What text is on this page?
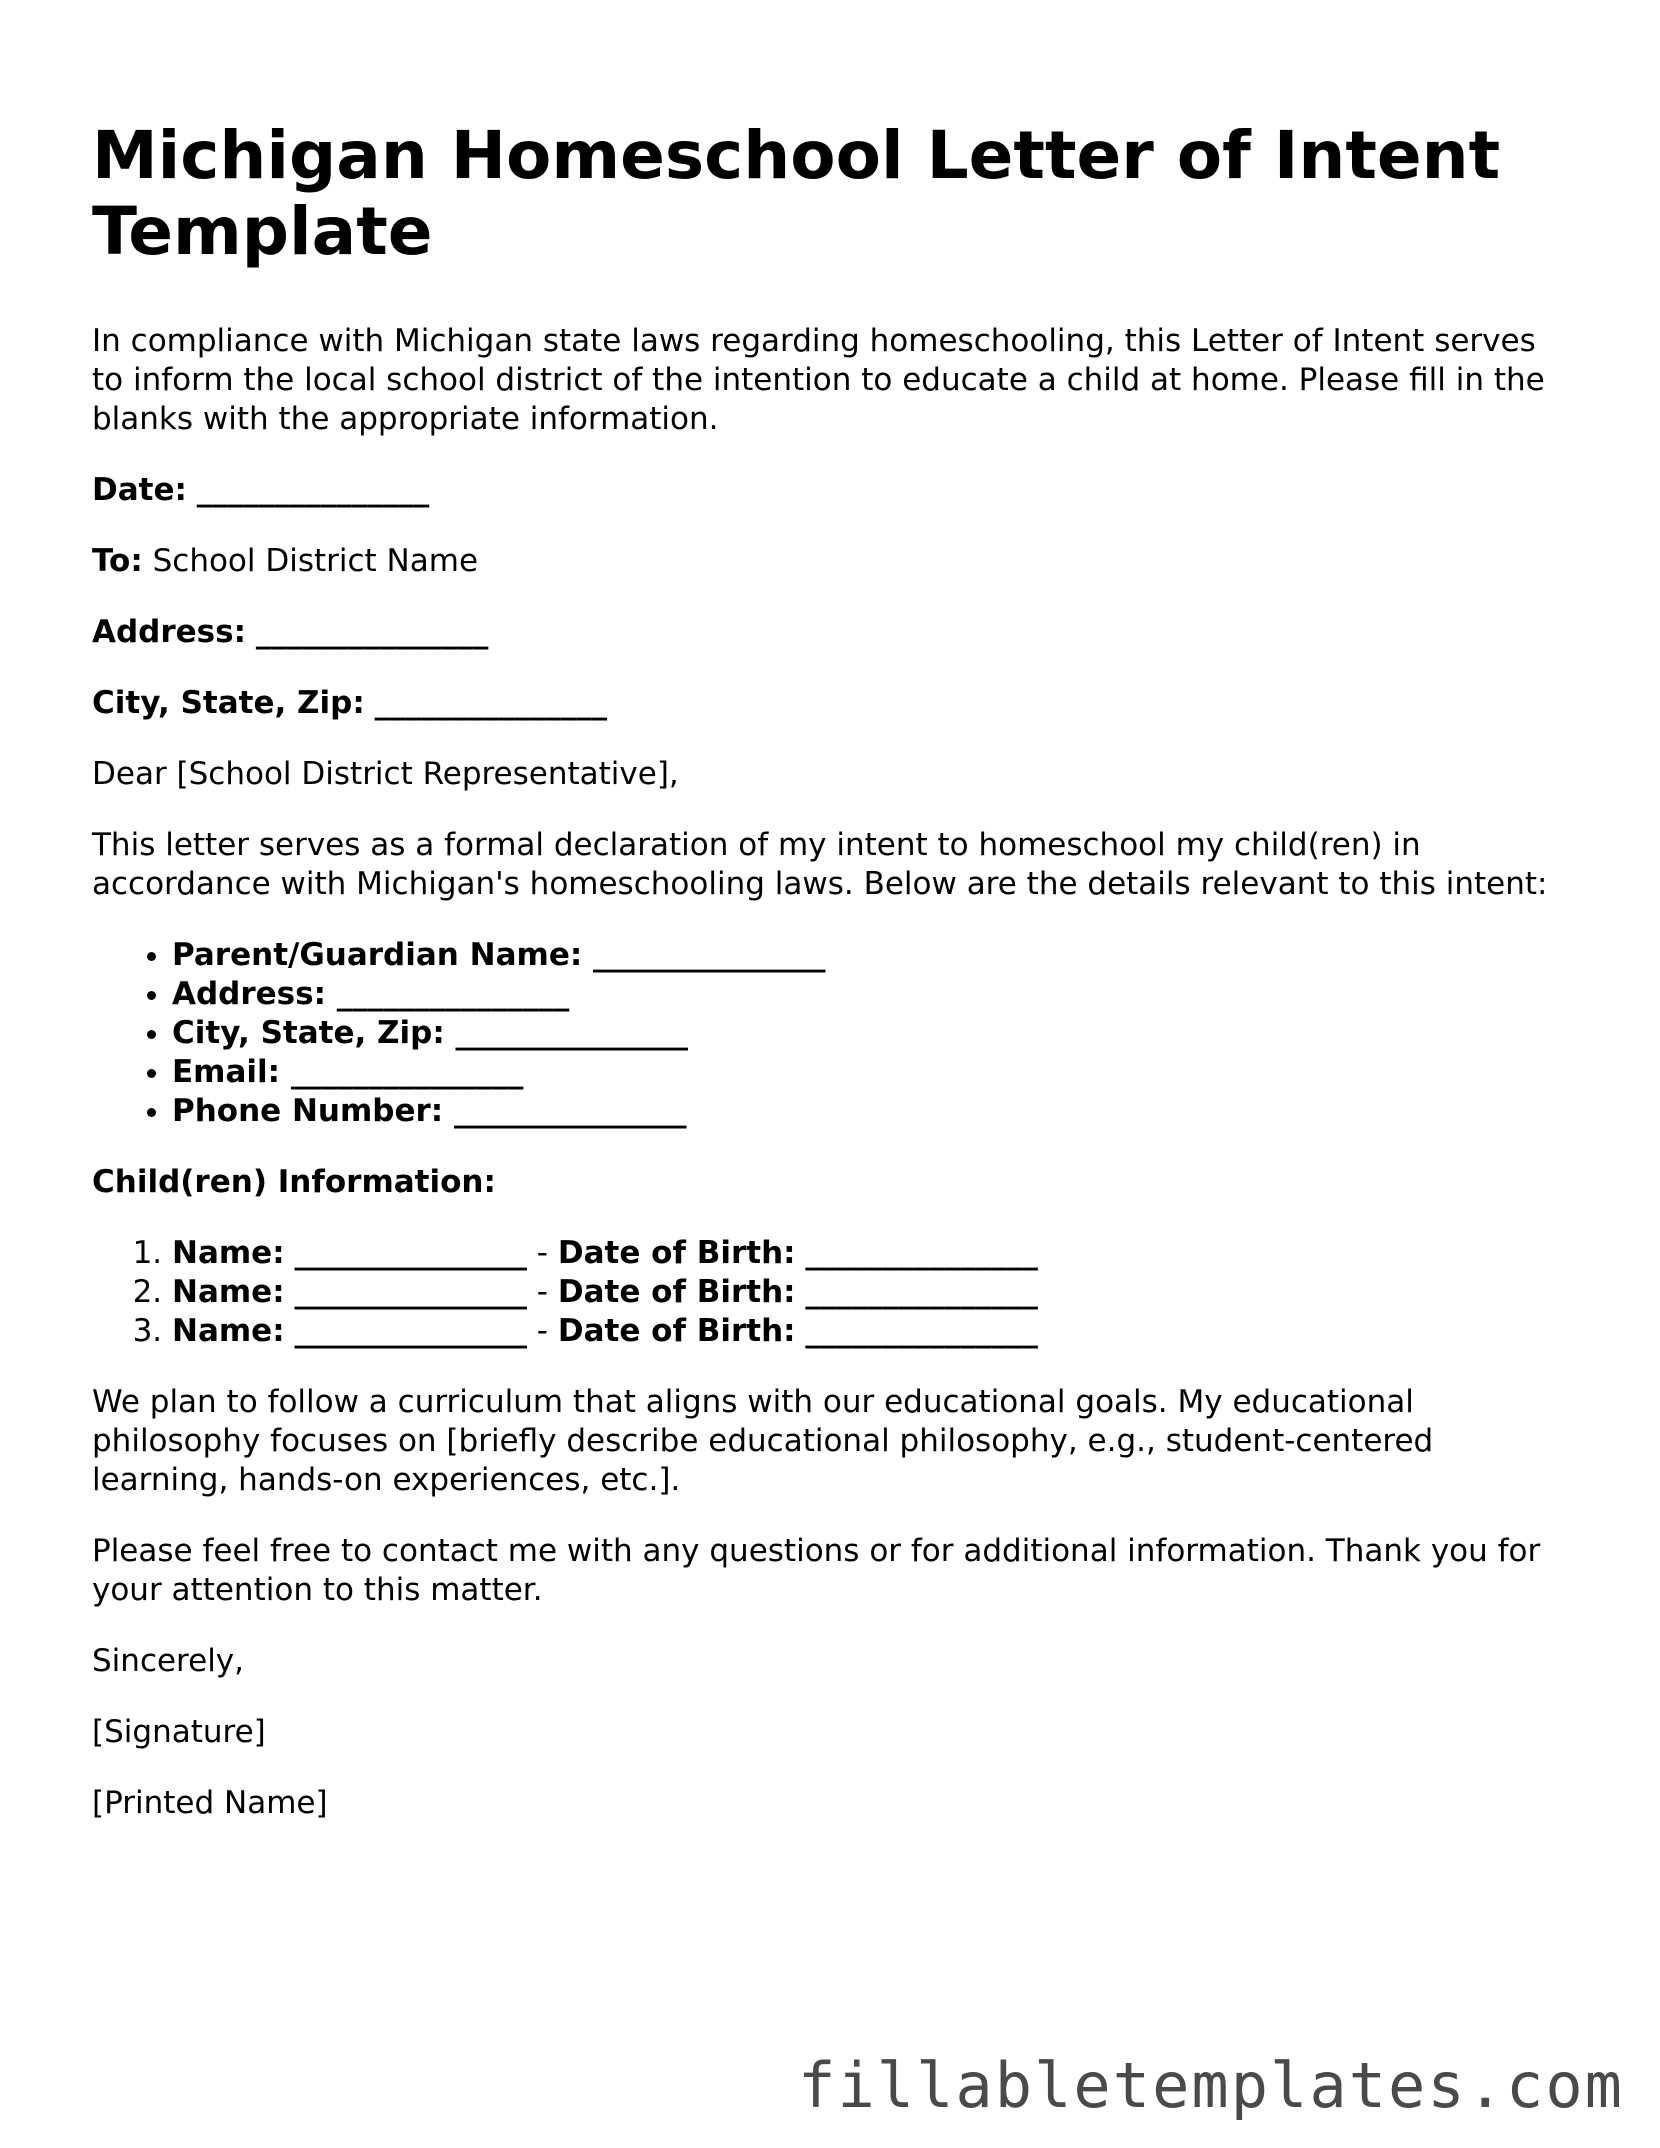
Michigan Homeschool Letter of Intent Template

In compliance with Michigan state laws regarding homeschooling, this Letter of Intent serves to inform the local school district of the intention to educate a child at home. Please fill in the blanks with the appropriate information.

Date: _______________

To: School District Name

Address: _______________

City, State, Zip: _______________

Dear [School District Representative],

This letter serves as a formal declaration of my intent to homeschool my child(ren) in accordance with Michigan's homeschooling laws. Below are the details relevant to this intent:

• Parent/Guardian Name: _______________
• Address: _______________
• City, State, Zip: _______________
• Email: _______________
• Phone Number: _______________

Child(ren) Information:

1. Name: _______________ - Date of Birth: _______________
2. Name: _______________ - Date of Birth: _______________
3. Name: _______________ - Date of Birth: _______________

We plan to follow a curriculum that aligns with our educational goals. My educational philosophy focuses on [briefly describe educational philosophy, e.g., student-centered learning, hands-on experiences, etc.].

Please feel free to contact me with any questions or for additional information. Thank you for your attention to this matter.

Sincerely,

[Signature]

[Printed Name]

fillabletemplates.com
